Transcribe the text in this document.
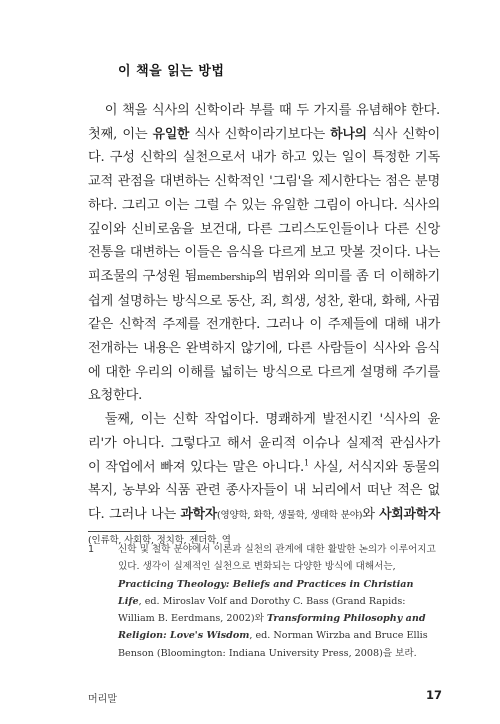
이 책을 읽는 방법

이 책을 식사의 신학이라 부를 때 두 가지를 유념해야 한다. 첫째, 이는 유일한 식사 신학이라기보다는 하나의 식사 신학이다. 구성 신학의 실천으로서 내가 하고 있는 일이 특정한 기독교적 관점을 대변하는 신학적인 '그림'을 제시한다는 점은 분명하다. 그리고 이는 그럴 수 있는 유일한 그림이 아니다. 식사의 깊이와 신비로움을 보건대, 다른 그리스도인들이나 다른 신앙 전통을 대변하는 이들은 음식을 다르게 보고 맛볼 것이다. 나는 피조물의 구성원 됨membership의 범위와 의미를 좀 더 이해하기 쉽게 설명하는 방식으로 동산, 죄, 희생, 성찬, 환대, 화해, 사귐 같은 신학적 주제를 전개한다. 그러나 이 주제들에 대해 내가 전개하는 내용은 완벽하지 않기에, 다른 사람들이 식사와 음식에 대한 우리의 이해를 넓히는 방식으로 다르게 설명해 주기를 요청한다.

둘째, 이는 신학 작업이다. 명쾌하게 발전시킨 '식사의 윤리'가 아니다. 그렇다고 해서 윤리적 이슈나 실제적 관심사가 이 작업에서 빠져 있다는 말은 아니다.$^1$ 사실, 서식지와 동물의 복지, 농부와 식품 관련 종사자들이 내 뇌리에서 떠난 적은 없다. 그러나 나는 과학자(영양학, 화학, 생물학, 생태학 분야)와 사회과학자(인류학, 사회학, 정치학, 젠더학, 역

1 신학 및 철학 분야에서 이론과 실천의 관계에 대한 활발한 논의가 이루어지고 있다. 생각이 실제적인 실천으로 변화되는 다양한 방식에 대해서는, Practicing Theology: Beliefs and Practices in Christian Life, ed. Miroslav Volf and Dorothy C. Bass (Grand Rapids: William B. Eerdmans, 2002)와 Transforming Philosophy and Religion: Love's Wisdom, ed. Norman Wirzba and Bruce Ellis Benson (Bloomington: Indiana University Press, 2008)을 보라.
머리말	17
